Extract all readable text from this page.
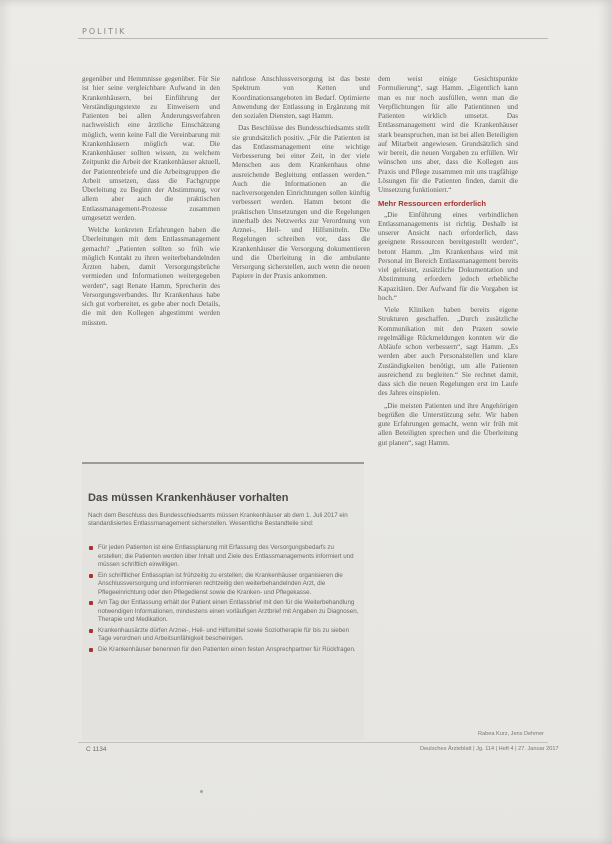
POLITIK

gegenüber und Hemmnisse gegenüber. Für Sie ist hier seine vergleichbare Aufwand in den Krankenhäusern, bei Einführung der Verständigungstexte zu Einweisern und Patienten bei allen Änderungsverfahren nachweislich eine ärztliche Einschätzung möglich, wenn keine Fall die Vereinbarung mit Krankenhäusern möglich war. Die Krankenhäuser sollten wissen, zu welchem Zeitpunkt die Arbeit der Krankenhäuser aktuell, der Patientenbriefe und die Arbeitsgruppen die Arbeit umsetzen, dass die Fachgruppe Überleitung zu Beginn der Abstimmung, vor allem aber auch die praktischen Entlassmanagement-Prozesse zusammen umgesetzt werden.

Welche konkreten Erfahrungen haben die Überleitungen mit dem Entlassmanagement gemacht? „Patienten sollten so früh wie möglich Kontakt zu ihren weiterbehandelnden Ärzten haben, damit Versorgungsbrüche vermieden und Informationen weitergegeben werden“, sagt Renate Hamm, Sprecherin des Versorgungsverbandes. Ihr Krankenhaus habe sich gut vorbereitet, es gebe aber noch Details, die mit den Kollegen abgestimmt werden müssten.

nahtlose Anschlussversorgung ist das beste Spektrum von Ketten und Koordinationsangeboten im Bedarf. Optimierte Anwendung der Entlassung in Ergänzung mit den sozialen Diensten, sagt Hamm.

Das Beschlüsse des Bundesschiedsamts stellt sie grundsätzlich positiv. „Für die Patienten ist das Entlassmanagement eine wichtige Verbesserung bei einer Zeit, in der viele Menschen aus dem Krankenhaus ohne ausreichende Begleitung entlassen werden.“ Auch die Informationen an die nachversorgenden Einrichtungen sollen künftig verbessert werden. Hamm betont die praktischen Umsetzungen und die Regelungen innerhalb des Netzwerks zur Verordnung von Arznei-, Heil- und Hilfsmitteln. Die Regelungen schreiben vor, dass die Krankenhäuser die Versorgung dokumentieren und die Überleitung in die ambulante Versorgung sicherstellen, auch wenn die neuen Papiere in der Praxis ankommen.

dem weist einige Gesichtspunkte Formulierung“, sagt Hamm. „Eigentlich kann man es nur noch ausfüllen, wenn man die Verpflichtungen für alle Patientinnen und Patienten wirklich umsetzt. Das Entlassmanagement wird die Krankenhäuser stark beanspruchen, man ist bei allen Beteiligten auf Mitarbeit angewiesen. Grundsätzlich sind wir bereit, die neuen Vorgaben zu erfüllen. Wir wünschen uns aber, dass die Kollegen aus Praxis und Pflege zusammen mit uns tragfähige Lösungen für die Patienten finden, damit die Umsetzung funktioniert.“

Mehr Ressourcen erforderlich

„Die Einführung eines verbindlichen Entlassmanagements ist richtig. Deshalb ist unserer Ansicht nach erforderlich, dass geeignete Ressourcen bereitgestellt werden“, betont Hamm. „Im Krankenhaus wird mit Personal im Bereich Entlassmanagement bereits viel geleistet, zusätzliche Dokumentation und Abstimmung erfordern jedoch erhebliche Kapazitäten. Der Aufwand für die Vorgaben ist hoch.“

Viele Kliniken haben bereits eigene Strukturen geschaffen. „Durch zusätzliche Kommunikation mit den Praxen sowie regelmäßige Rückmeldungen konnten wir die Abläufe schon verbessern“, sagt Hamm. „Es werden aber auch Personalstellen und klare Zuständigkeiten benötigt, um alle Patienten ausreichend zu begleiten.“ Sie rechnet damit, dass sich die neuen Regelungen erst im Laufe des Jahres einspielen.

„Die meisten Patienten und ihre Angehörigen begrüßen die Unterstützung sehr. Wir haben gute Erfahrungen gemacht, wenn wir früh mit allen Beteiligten sprechen und die Überleitung gut planen“, sagt Hamm.

Das müssen Krankenhäuser vorhalten
Nach dem Beschluss des Bundesschiedsamts müssen Krankenhäuser ab dem 1. Juli 2017 ein standardisiertes Entlassmanagement sicherstellen. Wesentliche Bestandteile sind:
Für jeden Patienten ist eine Entlassplanung mit Erfassung des Versorgungsbedarfs zu erstellen; die Patienten werden über Inhalt und Ziele des Entlassmanagements informiert und müssen schriftlich einwilligen.
Ein schriftlicher Entlassplan ist frühzeitig zu erstellen; die Krankenhäuser organisieren die Anschlussversorgung und informieren rechtzeitig den weiterbehandelnden Arzt, die Pflegeeinrichtung oder den Pflegedienst sowie die Kranken- und Pflegekasse.
Am Tag der Entlassung erhält der Patient einen Entlassbrief mit den für die Weiterbehandlung notwendigen Informationen, mindestens einen vorläufigen Arztbrief mit Angaben zu Diagnosen, Therapie und Medikation.
Krankenhausärzte dürfen Arznei-, Heil- und Hilfsmittel sowie Soziotherapie für bis zu sieben Tage verordnen und Arbeitsunfähigkeit bescheinigen.
Die Krankenhäuser benennen für den Patienten einen festen Ansprechpartner für Rückfragen.
Rabea Kurz, Jens Dehmer
C 1134	Deutsches Ärzteblatt | Jg. 114 | Heft 4 | 27. Januar 2017
